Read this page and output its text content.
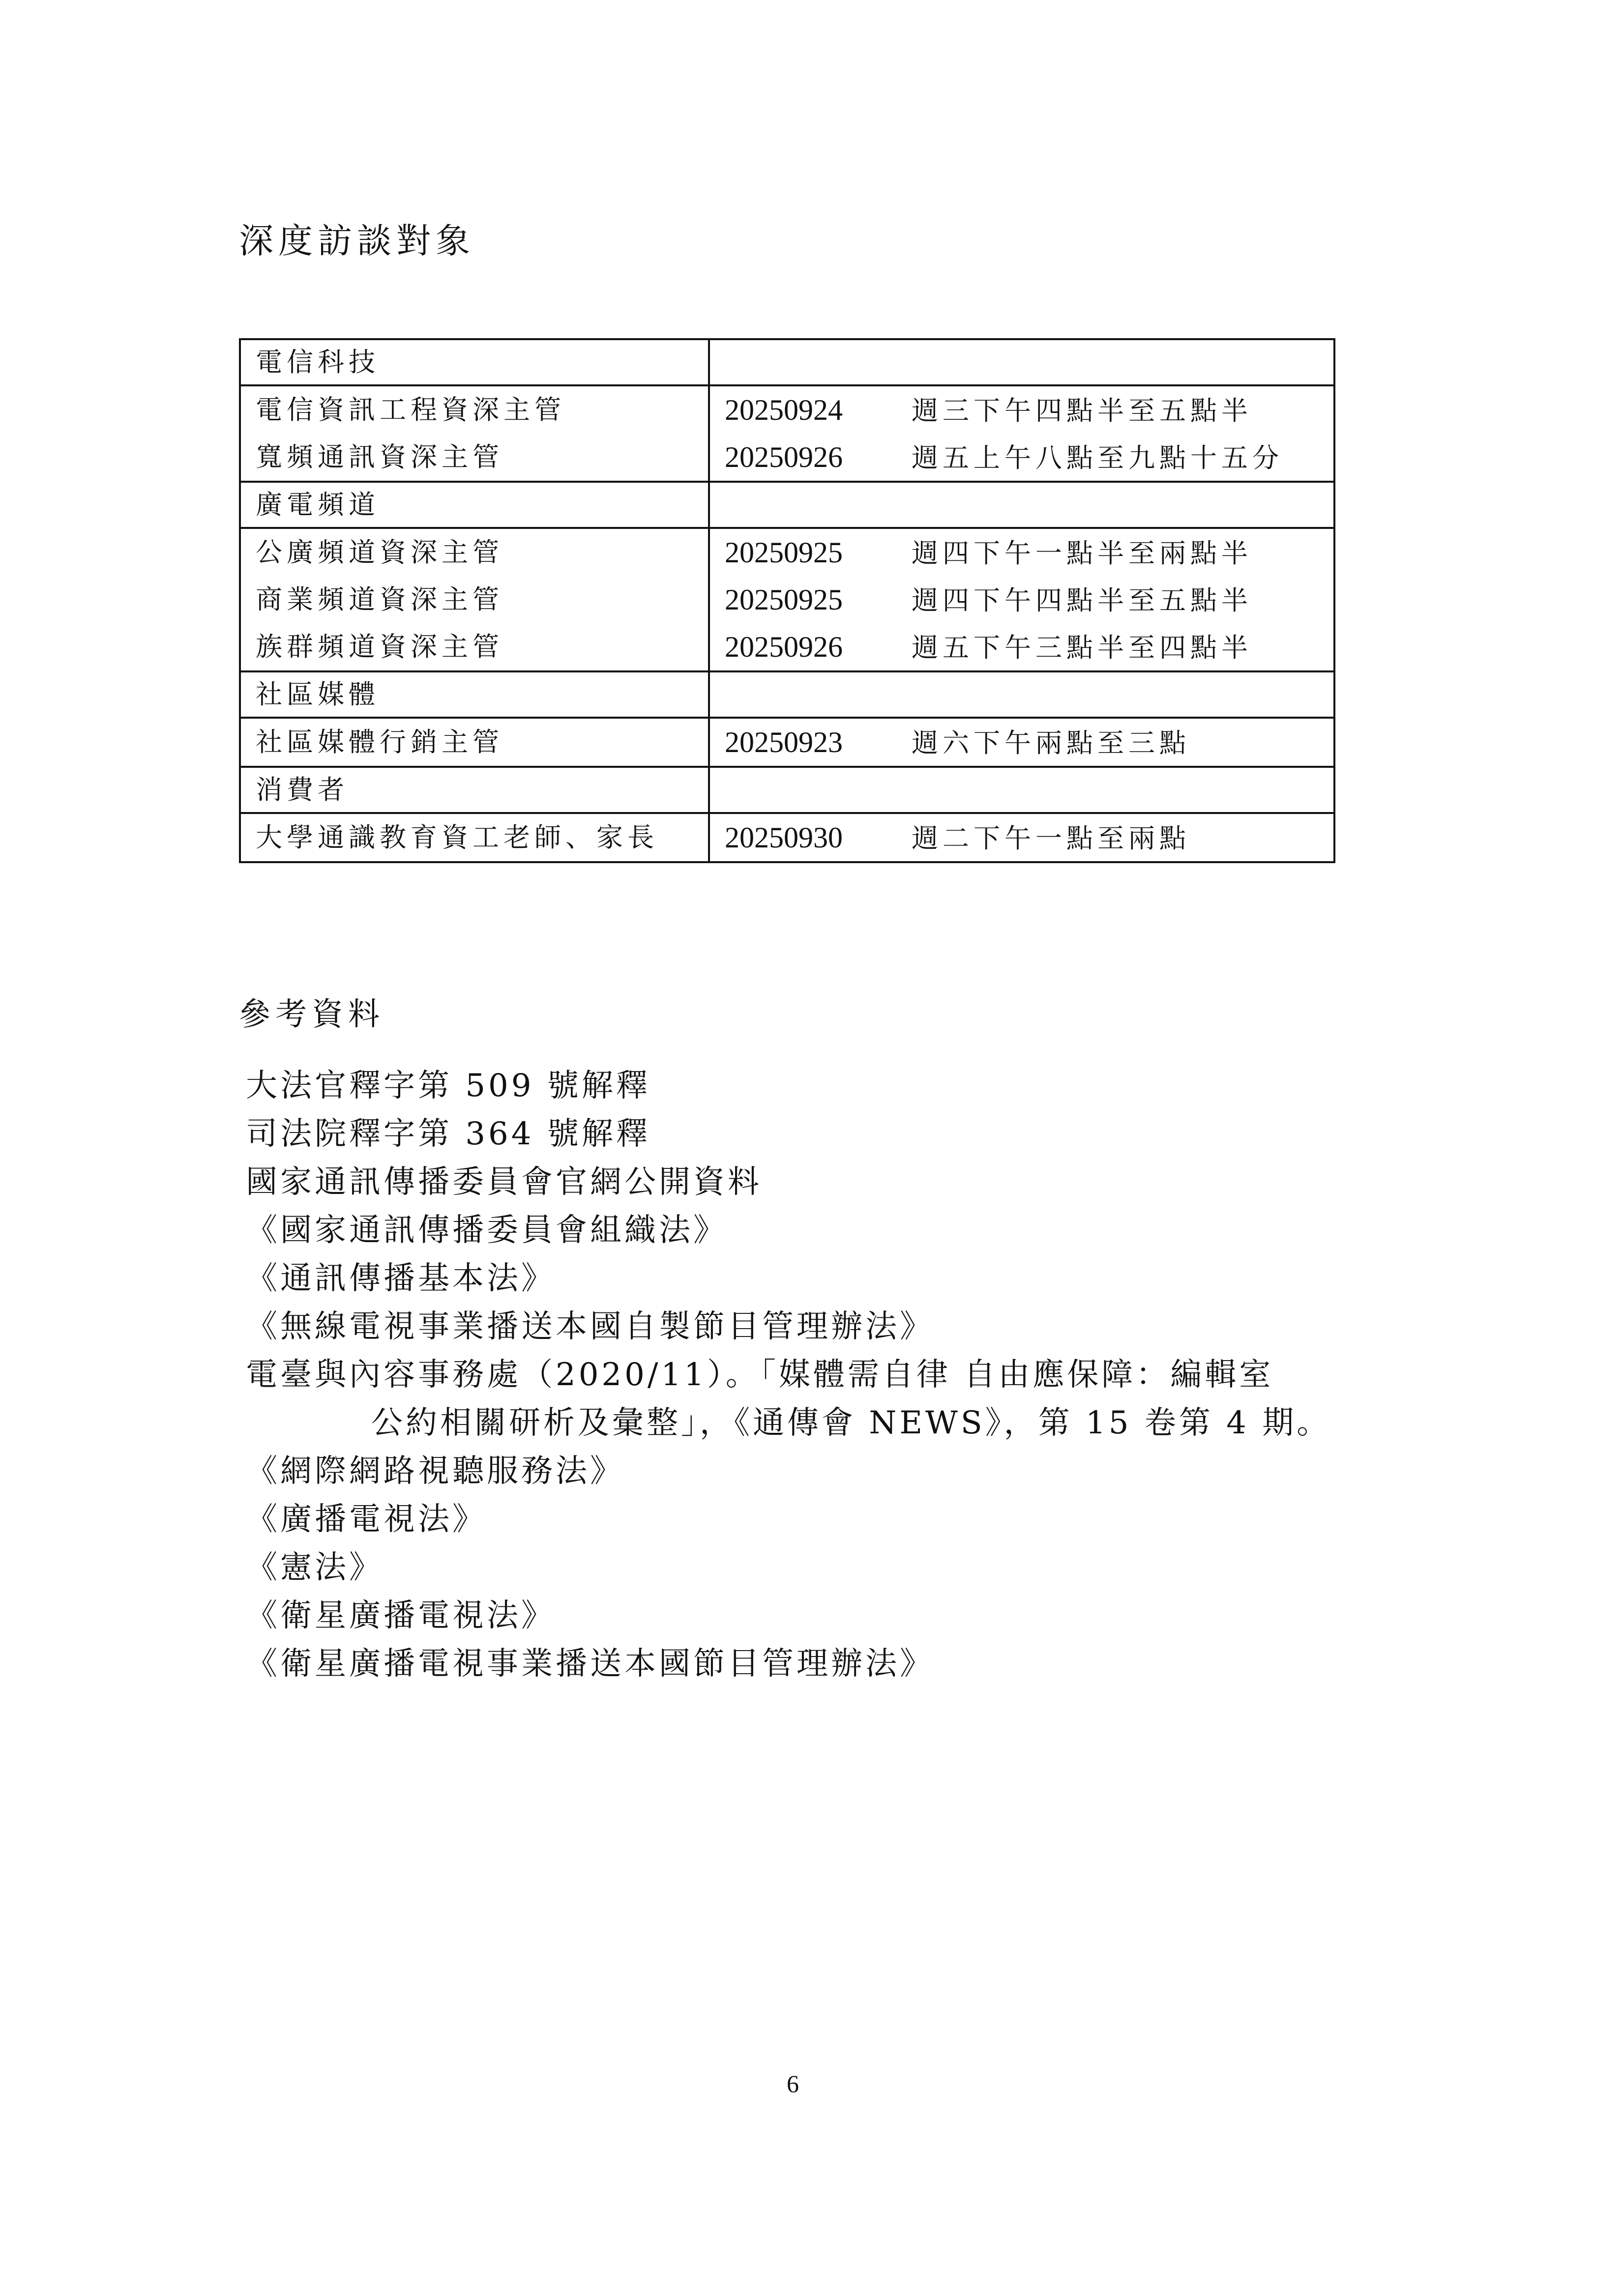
深度訪談對象
電信科技	
電信資訊工程資深主管	20250924 週三下午四點半至五點半
寬頻通訊資深主管	20250926 週五上午八點至九點十五分
廣電頻道	
公廣頻道資深主管	20250925 週四下午一點半至兩點半
商業頻道資深主管	20250925 週四下午四點半至五點半
族群頻道資深主管	20250926 週五下午三點半至四點半
社區媒體	
社區媒體行銷主管	20250923 週六下午兩點至三點
消費者	
大學通識教育資工老師、家長	20250930 週二下午一點至兩點
參考資料
大法官釋字第 509 號解釋
司法院釋字第 364 號解釋
國家通訊傳播委員會官網公開資料
《國家通訊傳播委員會組織法》
《通訊傳播基本法》
《無線電視事業播送本國自製節目管理辦法》
電臺與內容事務處（2020/11）。「媒體需自律 自由應保障：編輯室
公約相關研析及彙整」，《通傳會 NEWS》，第 15 卷第 4 期。
《網際網路視聽服務法》
《廣播電視法》
《憲法》
《衛星廣播電視法》
《衛星廣播電視事業播送本國節目管理辦法》
6
